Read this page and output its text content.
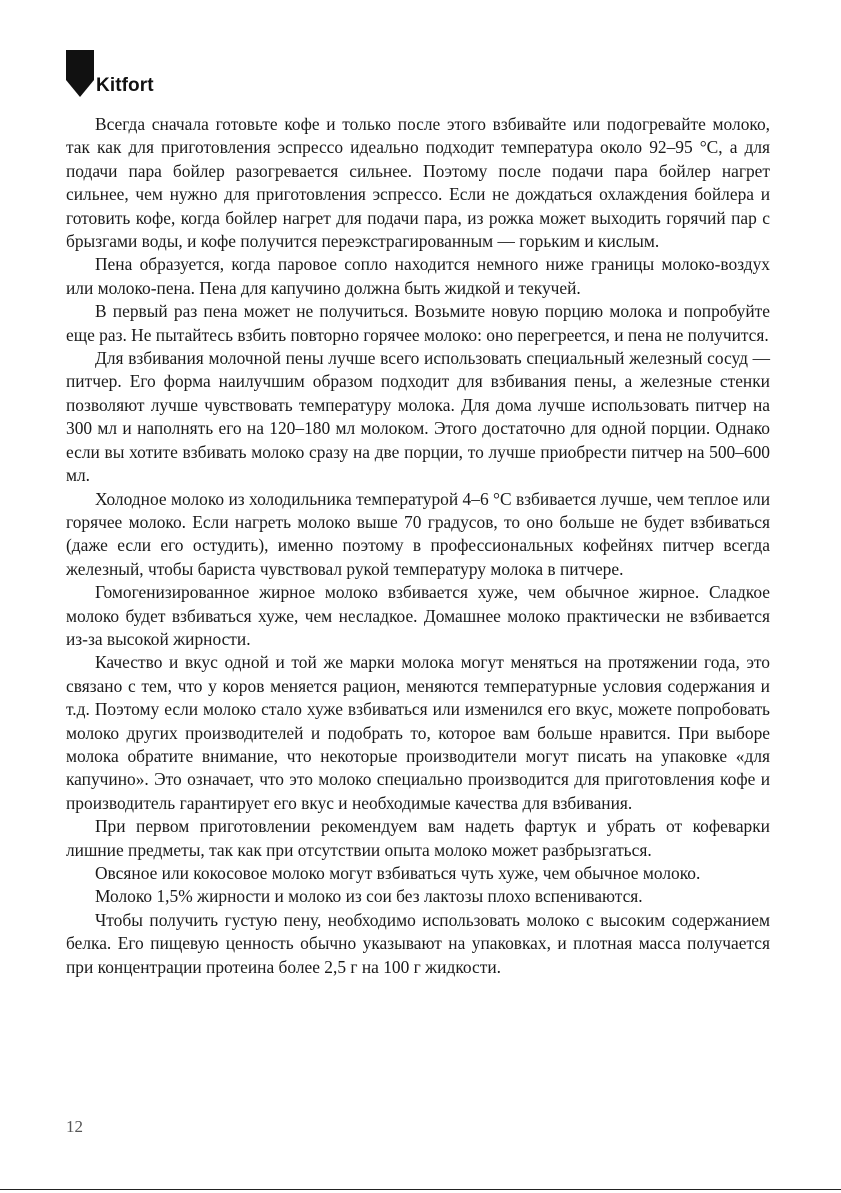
Kitfort

Всегда сначала готовьте кофе и только после этого взбивайте или подогревайте молоко, так как для приготовления эспрессо идеально подходит температура около 92–95 °С, а для подачи пара бойлер разогревается сильнее. Поэтому после подачи пара бойлер нагрет сильнее, чем нужно для приготовления эспрессо. Если не дождаться охлаждения бойлера и готовить кофе, когда бойлер нагрет для подачи пара, из рожка может выходить горячий пар с брызгами воды, и кофе получится переэкстрагированным — горьким и кислым.

Пена образуется, когда паровое сопло находится немного ниже границы молоко-воздух или молоко-пена. Пена для капучино должна быть жидкой и текучей.

В первый раз пена может не получиться. Возьмите новую порцию молока и попробуйте еще раз. Не пытайтесь взбить повторно горячее молоко: оно перегреется, и пена не получится.

Для взбивания молочной пены лучше всего использовать специальный железный сосуд — питчер. Его форма наилучшим образом подходит для взбивания пены, а железные стенки позволяют лучше чувствовать температуру молока. Для дома лучше использовать питчер на 300 мл и наполнять его на 120–180 мл молоком. Этого достаточно для одной порции. Однако если вы хотите взбивать молоко сразу на две порции, то лучше приобрести питчер на 500–600 мл.

Холодное молоко из холодильника температурой 4–6 °С взбивается лучше, чем теплое или горячее молоко. Если нагреть молоко выше 70 градусов, то оно больше не будет взбиваться (даже если его остудить), именно поэтому в профессиональных кофейнях питчер всегда железный, чтобы бариста чувствовал рукой температуру молока в питчере.

Гомогенизированное жирное молоко взбивается хуже, чем обычное жирное. Сладкое молоко будет взбиваться хуже, чем несладкое. Домашнее молоко практически не взбивается из-за высокой жирности.

Качество и вкус одной и той же марки молока могут меняться на протяжении года, это связано с тем, что у коров меняется рацион, меняются температурные условия содержания и т.д. Поэтому если молоко стало хуже взбиваться или изменился его вкус, можете попробовать молоко других производителей и подобрать то, которое вам больше нравится. При выборе молока обратите внимание, что некоторые производители могут писать на упаковке «для капучино». Это означает, что это молоко специально производится для приготовления кофе и производитель гарантирует его вкус и необходимые качества для взбивания.

При первом приготовлении рекомендуем вам надеть фартук и убрать от кофеварки лишние предметы, так как при отсутствии опыта молоко может разбрызгаться.

Овсяное или кокосовое молоко могут взбиваться чуть хуже, чем обычное молоко.

Молоко 1,5% жирности и молоко из сои без лактозы плохо вспениваются.

Чтобы получить густую пену, необходимо использовать молоко с высоким содержанием белка. Его пищевую ценность обычно указывают на упаковках, и плотная масса получается при концентрации протеина более 2,5 г на 100 г жидкости.

12
